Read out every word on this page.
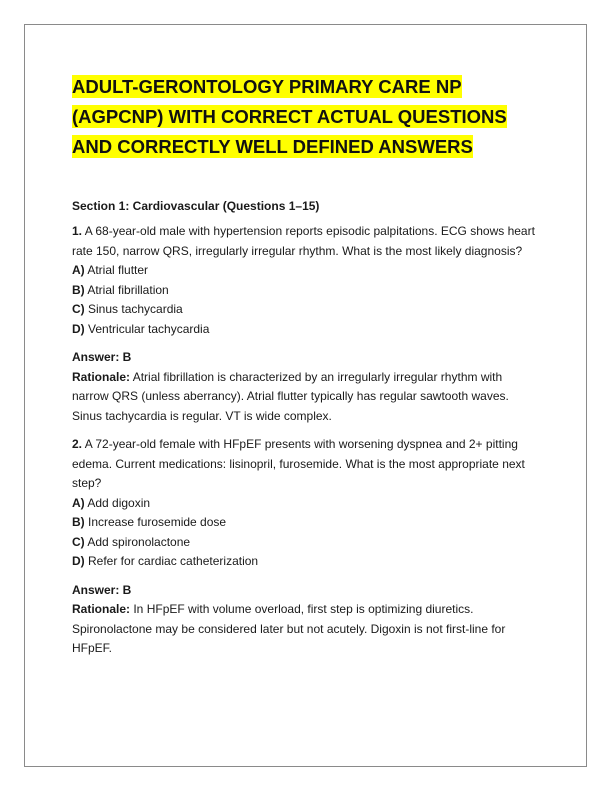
ADULT-GERONTOLOGY PRIMARY CARE NP
(AGPCNP) WITH CORRECT ACTUAL QUESTIONS
AND CORRECTLY WELL DEFINED ANSWERS
Section 1: Cardiovascular (Questions 1–15)
1. A 68-year-old male with hypertension reports episodic palpitations. ECG shows heart rate 150, narrow QRS, irregularly irregular rhythm. What is the most likely diagnosis?
A) Atrial flutter
B) Atrial fibrillation
C) Sinus tachycardia
D) Ventricular tachycardia
Answer: B
Rationale: Atrial fibrillation is characterized by an irregularly irregular rhythm with narrow QRS (unless aberrancy). Atrial flutter typically has regular sawtooth waves. Sinus tachycardia is regular. VT is wide complex.
2. A 72-year-old female with HFpEF presents with worsening dyspnea and 2+ pitting edema. Current medications: lisinopril, furosemide. What is the most appropriate next step?
A) Add digoxin
B) Increase furosemide dose
C) Add spironolactone
D) Refer for cardiac catheterization
Answer: B
Rationale: In HFpEF with volume overload, first step is optimizing diuretics. Spironolactone may be considered later but not acutely. Digoxin is not first-line for HFpEF.
